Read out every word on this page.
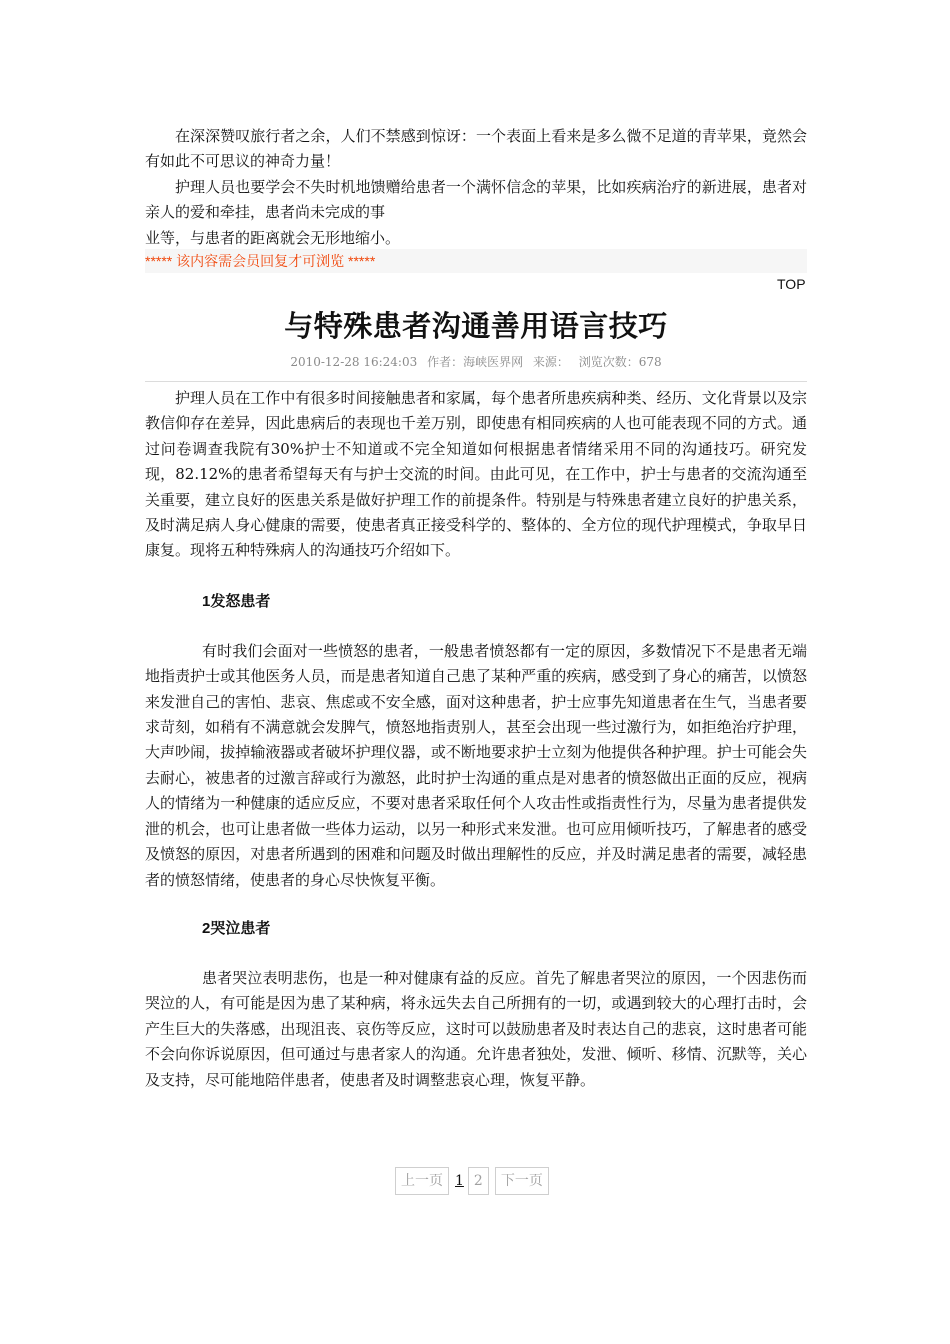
在深深赞叹旅行者之余，人们不禁感到惊讶：一个表面上看来是多么微不足道的青苹果，竟然会有如此不可思议的神奇力量！

护理人员也要学会不失时机地馈赠给患者一个满怀信念的苹果，比如疾病治疗的新进展，患者对亲人的爱和牵挂，患者尚未完成的事

业等，与患者的距离就会无形地缩小。

***** 该内容需会员回复才可浏览 *****
TOP
与特殊患者沟通善用语言技巧
2010-12-28 16:24:03 作者：海峡医界网 来源： 浏览次数：678

护理人员在工作中有很多时间接触患者和家属，每个患者所患疾病种类、经历、文化背景以及宗教信仰存在差异，因此患病后的表现也千差万别，即使患有相同疾病的人也可能表现不同的方式。通过问卷调查我院有30%护士不知道或不完全知道如何根据患者情绪采用不同的沟通技巧。研究发现，82.12%的患者希望每天有与护士交流的时间。由此可见，在工作中，护士与患者的交流沟通至关重要，建立良好的医患关系是做好护理工作的前提条件。特别是与特殊患者建立良好的护患关系，及时满足病人身心健康的需要，使患者真正接受科学的、整体的、全方位的现代护理模式，争取早日康复。现将五种特殊病人的沟通技巧介绍如下。

1发怒患者

有时我们会面对一些愤怒的患者，一般患者愤怒都有一定的原因，多数情况下不是患者无端地指责护士或其他医务人员，而是患者知道自己患了某种严重的疾病，感受到了身心的痛苦，以愤怒来发泄自己的害怕、悲哀、焦虑或不安全感，面对这种患者，护士应事先知道患者在生气，当患者要求苛刻，如稍有不满意就会发脾气，愤怒地指责别人，甚至会出现一些过激行为，如拒绝治疗护理，大声吵闹，拔掉输液器或者破坏护理仪器，或不断地要求护士立刻为他提供各种护理。护士可能会失去耐心，被患者的过激言辞或行为激怒，此时护士沟通的重点是对患者的愤怒做出正面的反应，视病人的情绪为一种健康的适应反应，不要对患者采取任何个人攻击性或指责性行为，尽量为患者提供发泄的机会，也可让患者做一些体力运动，以另一种形式来发泄。也可应用倾听技巧，了解患者的感受及愤怒的原因，对患者所遇到的困难和问题及时做出理解性的反应，并及时满足患者的需要，减轻患者的愤怒情绪，使患者的身心尽快恢复平衡。

2哭泣患者

患者哭泣表明悲伤，也是一种对健康有益的反应。首先了解患者哭泣的原因，一个因悲伤而哭泣的人，有可能是因为患了某种病，将永远失去自己所拥有的一切，或遇到较大的心理打击时，会产生巨大的失落感，出现沮丧、哀伤等反应，这时可以鼓励患者及时表达自己的悲哀，这时患者可能不会向你诉说原因，但可通过与患者家人的沟通。允许患者独处，发泄、倾听、移情、沉默等，关心及支持，尽可能地陪伴患者，使患者及时调整悲哀心理，恢复平静。

上一页 1 2	下一页
